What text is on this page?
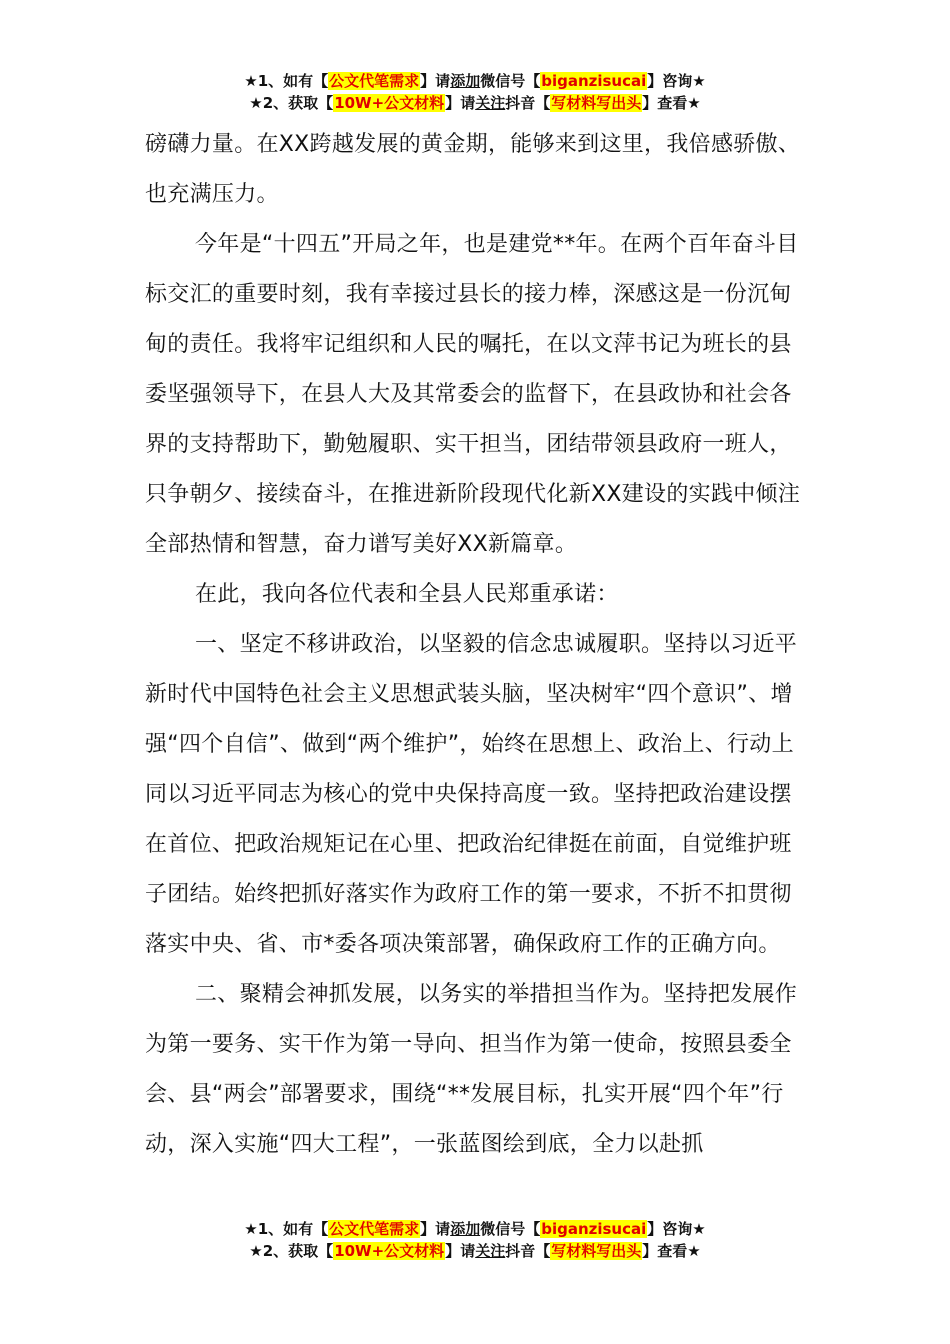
★1、如有【公文代笔需求】请添加微信号【biganzisucai】咨询★
★2、获取【10W+公文材料】请关注抖音【写材料写出头】查看★

磅礴力量。在XX跨越发展的黄金期，能够来到这里，我倍感骄傲、也充满压力。

今年是“十四五”开局之年，也是建党**年。在两个百年奋斗目标交汇的重要时刻，我有幸接过县长的接力棒，深感这是一份沉甸甸的责任。我将牢记组织和人民的嘱托，在以文萍书记为班长的县委坚强领导下，在县人大及其常委会的监督下，在县政协和社会各界的支持帮助下，勤勉履职、实干担当，团结带领县政府一班人，只争朝夕、接续奋斗，在推进新阶段现代化新XX建设的实践中倾注全部热情和智慧，奋力谱写美好XX新篇章。

在此，我向各位代表和全县人民郑重承诺：

一、坚定不移讲政治，以坚毅的信念忠诚履职。坚持以习近平新时代中国特色社会主义思想武装头脑，坚决树牢“四个意识”、增强“四个自信”、做到“两个维护”，始终在思想上、政治上、行动上同以习近平同志为核心的党中央保持高度一致。坚持把政治建设摆在首位、把政治规矩记在心里、把政治纪律挺在前面，自觉维护班子团结。始终把抓好落实作为政府工作的第一要求，不折不扣贯彻落实中央、省、市*委各项决策部署，确保政府工作的正确方向。

二、聚精会神抓发展，以务实的举措担当作为。坚持把发展作为第一要务、实干作为第一导向、担当作为第一使命，按照县委全会、县“两会”部署要求，围绕“**发展目标，扎实开展“四个年”行动，深入实施“四大工程”，一张蓝图绘到底，全力以赴抓

★1、如有【公文代笔需求】请添加微信号【biganzisucai】咨询★
★2、获取【10W+公文材料】请关注抖音【写材料写出头】查看★
